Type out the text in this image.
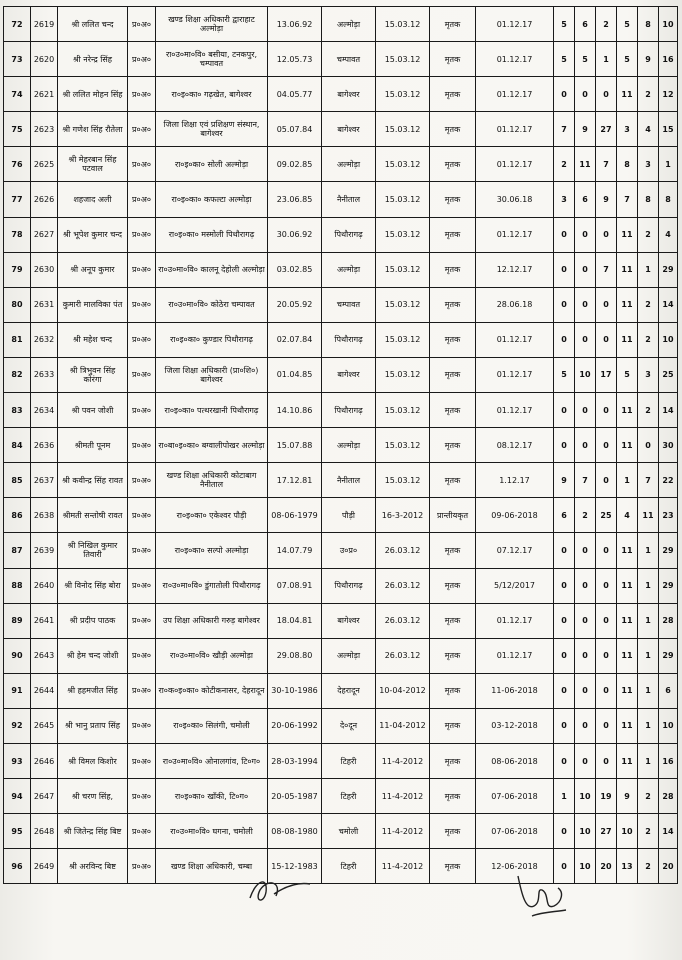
72	2619	श्री ललित चन्द	प्र०अ०	खण्ड शिक्षा अधिकारी द्वाराहाट अल्मोड़ा	13.06.92	अल्मोड़ा	15.03.12	मृतक	01.12.17	5	6	2	5	8	10
73	2620	श्री नरेन्द्र सिंह	प्र०अ०	रा०उ०मा०वि० बसीया, टनकपुर, चम्पावत	12.05.73	चम्पावत	15.03.12	मृतक	01.12.17	5	5	1	5	9	16
74	2621	श्री ललित मोहन सिंह	प्र०अ०	रा०इ०का० गढ़खेत, बागेश्वर	04.05.77	बागेश्वर	15.03.12	मृतक	01.12.17	0	0	0	11	2	12
75	2623	श्री गणेश सिंह रौतेला	प्र०अ०	जिला शिक्षा एवं प्रशिक्षण संस्थान, बागेश्वर	05.07.84	बागेश्वर	15.03.12	मृतक	01.12.17	7	9	27	3	4	15
76	2625	श्री मेहरबान सिंह पटवाल	प्र०अ०	रा०इ०का० सोली अल्मोड़ा	09.02.85	अल्मोड़ा	15.03.12	मृतक	01.12.17	2	11	7	8	3	1
77	2626	शहजाद अली	प्र०अ०	रा०इ०का० कफल्टा अल्मोड़ा	23.06.85	नैनीताल	15.03.12	मृतक	30.06.18	3	6	9	7	8	8
78	2627	श्री भूपेश कुमार चन्द	प्र०अ०	रा०इ०का० मस्मोली पिथौरागढ़	30.06.92	पिथौरागढ़	15.03.12	मृतक	01.12.17	0	0	0	11	2	4
79	2630	श्री अनूप कुमार	प्र०अ०	रा०उ०मा०वि० कालनू देहोली अल्मोड़ा	03.02.85	अल्मोड़ा	15.03.12	मृतक	12.12.17	0	0	7	11	1	29
80	2631	कुमारी मालविका पंत	प्र०अ०	रा०उ०मा०वि० कोठेरा चम्पावत	20.05.92	चम्पावत	15.03.12	मृतक	28.06.18	0	0	0	11	2	14
81	2632	श्री महेश चन्द	प्र०अ०	रा०इ०का० कुण्डार पिथौरागढ़	02.07.84	पिथौरागढ़	15.03.12	मृतक	01.12.17	0	0	0	11	2	10
82	2633	श्री त्रिभुवन सिंह कोरंगा	प्र०अ०	जिला शिक्षा अधिकारी (प्रा०शि०) बागेश्वर	01.04.85	बागेश्वर	15.03.12	मृतक	01.12.17	5	10	17	5	3	25
83	2634	श्री पवन जोशी	प्र०अ०	रा०इ०का० पत्थरखानी पिथौरागढ़	14.10.86	पिथौरागढ़	15.03.12	मृतक	01.12.17	0	0	0	11	2	14
84	2636	श्रीमती पूनम	प्र०अ०	रा०बा०इ०का० बग्वालीपोखर अल्मोड़ा	15.07.88	अल्मोड़ा	15.03.12	मृतक	08.12.17	0	0	0	11	0	30
85	2637	श्री कवीन्द्र सिंह रावत	प्र०अ०	खण्ड शिक्षा अधिकारी कोटाबाग नैनीताल	17.12.81	नैनीताल	15.03.12	मृतक	1.12.17	9	7	0	1	7	22
86	2638	श्रीमती सन्तोषी रावत	प्र०अ०	रा०इ०का० एकेश्वर पौड़ी	08-06-1979	पौड़ी	16-3-2012	प्रान्तीयकृत	09-06-2018	6	2	25	4	11	23
87	2639	श्री निखिल कुमार तिवारी	प्र०अ०	रा०इ०का० सल्पो अल्मोड़ा	14.07.79	उ०प्र०	26.03.12	मृतक	07.12.17	0	0	0	11	1	29
88	2640	श्री विनोद सिंह बोरा	प्र०अ०	रा०उ०मा०वि० डुंगातोली पिथौरागढ़	07.08.91	पिथौरागढ़	26.03.12	मृतक	5/12/2017	0	0	0	11	1	29
89	2641	श्री प्रदीप पाठक	प्र०अ०	उप शिक्षा अधिकारी गरुड़ बागेश्वर	18.04.81	बागेश्वर	26.03.12	मृतक	01.12.17	0	0	0	11	1	28
90	2643	श्री हेम चन्द जोशी	प्र०अ०	रा०उ०मा०वि० खौड़ी अल्मोड़ा	29.08.80	अल्मोड़ा	26.03.12	मृतक	01.12.17	0	0	0	11	1	29
91	2644	श्री हहमजीत सिंह	प्र०अ०	रा०क०इ०का० कोटीकनासर, देहरादून	30-10-1986	देहरादून	10-04-2012	मृतक	11-06-2018	0	0	0	11	1	6
92	2645	श्री भानु प्रताप सिंह	प्र०अ०	रा०इ०का० सिलंगी, चमोली	20-06-1992	दे०दून	11-04-2012	मृतक	03-12-2018	0	0	0	11	1	10
93	2646	श्री विमल किशोर	प्र०अ०	रा०उ०मा०वि० ओनालगांव, टि०ग०	28-03-1994	टिहरी	11-4-2012	मृतक	08-06-2018	0	0	0	11	1	16
94	2647	श्री चरण सिंह,	प्र०अ०	रा०इ०का० खाँकी, टि०ग०	20-05-1987	टिहरी	11-4-2012	मृतक	07-06-2018	1	10	19	9	2	28
95	2648	श्री जितेन्द्र सिंह बिष्ट	प्र०अ०	रा०उ०मा०वि० घगना, चमोली	08-08-1980	चमोली	11-4-2012	मृतक	07-06-2018	0	10	27	10	2	14
96	2649	श्री अरविन्द बिष्ट	प्र०अ०	खण्ड शिक्षा अधिकारी, चम्बा	15-12-1983	टिहरी	11-4-2012	मृतक	12-06-2018	0	10	20	13	2	20
